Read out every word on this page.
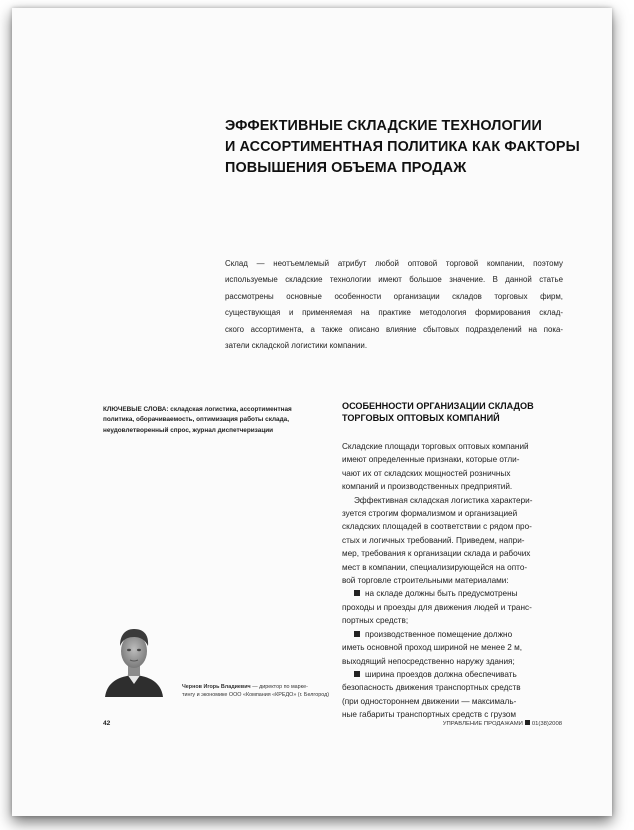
ЭФФЕКТИВНЫЕ СКЛАДСКИЕ ТЕХНОЛОГИИ
И АССОРТИМЕНТНАЯ ПОЛИТИКА КАК ФАКТОРЫ
ПОВЫШЕНИЯ ОБЪЕМА ПРОДАЖ
Склад — неотъемлемый атрибут любой оптовой торговой компании, поэтому
используемые складские технологии имеют большое значение. В данной статье
рассмотрены основные особенности организации складов торговых фирм,
существующая и применяемая на практике методология формирования склад-
ского ассортимента, а также описано влияние сбытовых подразделений на пока-
затели складской логистики компании.
КЛЮЧЕВЫЕ СЛОВА: складская логистика, ассортиментная
политика, оборачиваемость, оптимизация работы склада,
неудовлетворенный спрос, журнал диспетчеризации
ОСОБЕННОСТИ ОРГАНИЗАЦИИ СКЛАДОВ
ТОРГОВЫХ ОПТОВЫХ КОМПАНИЙ
Складские площади торговых оптовых компаний
имеют определенные признаки, которые отли-
чают их от складских мощностей розничных
компаний и производственных предприятий.
Эффективная складская логистика характери-
зуется строгим формализмом и организацией
складских площадей в соответствии с рядом про-
стых и логичных требований. Приведем, напри-
мер, требования к организации склада и рабочих
мест в компании, специализирующейся на опто-
вой торговле строительными материалами:
на складе должны быть предусмотрены
проходы и проезды для движения людей и транс-
портных средств;
производственное помещение должно
иметь основной проход шириной не менее 2 м,
выходящий непосредственно наружу здания;
ширина проездов должна обеспечивать
безопасность движения транспортных средств
(при одностороннем движении — максималь-
ные габариты транспортных средств с грузом
Чернов Игорь Владиевич — директор по марке-
тингу и экономике ООО «Компания «КРЕДО» (г. Белгород)
42	УПРАВЛЕНИЕ ПРОДАЖАМИ 01(38)2008
